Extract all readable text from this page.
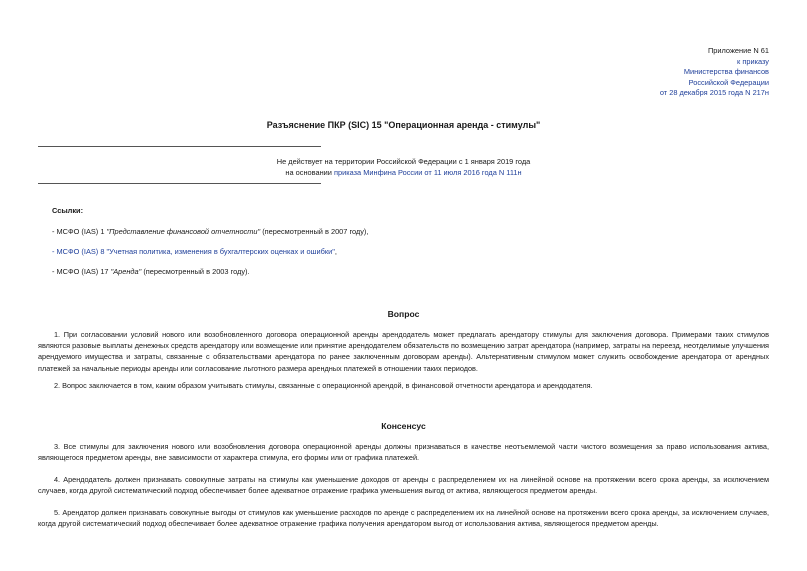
Приложение N 61
к приказу
Министерства финансов
Российской Федерации
от 28 декабря 2015 года N 217н
Разъяснение ПКР (SIC) 15 "Операционная аренда - стимулы"
Не действует на территории Российской Федерации с 1 января 2019 года
на основании приказа Минфина России от 11 июля 2016 года N 111н
Ссылки:
- МСФО (IAS) 1 "Представление финансовой отчетности" (пересмотренный в 2007 году),
- МСФО (IAS) 8 "Учетная политика, изменения в бухгалтерских оценках и ошибки",
- МСФО (IAS) 17 "Аренда" (пересмотренный в 2003 году).
Вопрос
1. При согласовании условий нового или возобновленного договора операционной аренды арендодатель может предлагать арендатору стимулы для заключения договора. Примерами таких стимулов являются разовые выплаты денежных средств арендатору или возмещение или принятие арендодателем обязательств по возмещению затрат арендатора (например, затраты на переезд, неотделимые улучшения арендуемого имущества и затраты, связанные с обязательствами арендатора по ранее заключенным договорам аренды). Альтернативным стимулом может служить освобождение арендатора от арендных платежей за начальные периоды аренды или согласование льготного размера арендных платежей в отношении таких периодов.
2. Вопрос заключается в том, каким образом учитывать стимулы, связанные с операционной арендой, в финансовой отчетности арендатора и арендодателя.
Консенсус
3. Все стимулы для заключения нового или возобновления договора операционной аренды должны признаваться в качестве неотъемлемой части чистого возмещения за право использования актива, являющегося предметом аренды, вне зависимости от характера стимула, его формы или от графика платежей.
4. Арендодатель должен признавать совокупные затраты на стимулы как уменьшение доходов от аренды с распределением их на линейной основе на протяжении всего срока аренды, за исключением случаев, когда другой систематический подход обеспечивает более адекватное отражение графика уменьшения выгод от актива, являющегося предметом аренды.
5. Арендатор должен признавать совокупные выгоды от стимулов как уменьшение расходов по аренде с распределением их на линейной основе на протяжении всего срока аренды, за исключением случаев, когда другой систематический подход обеспечивает более адекватное отражение графика получения арендатором выгод от использования актива, являющегося предметом аренды.
